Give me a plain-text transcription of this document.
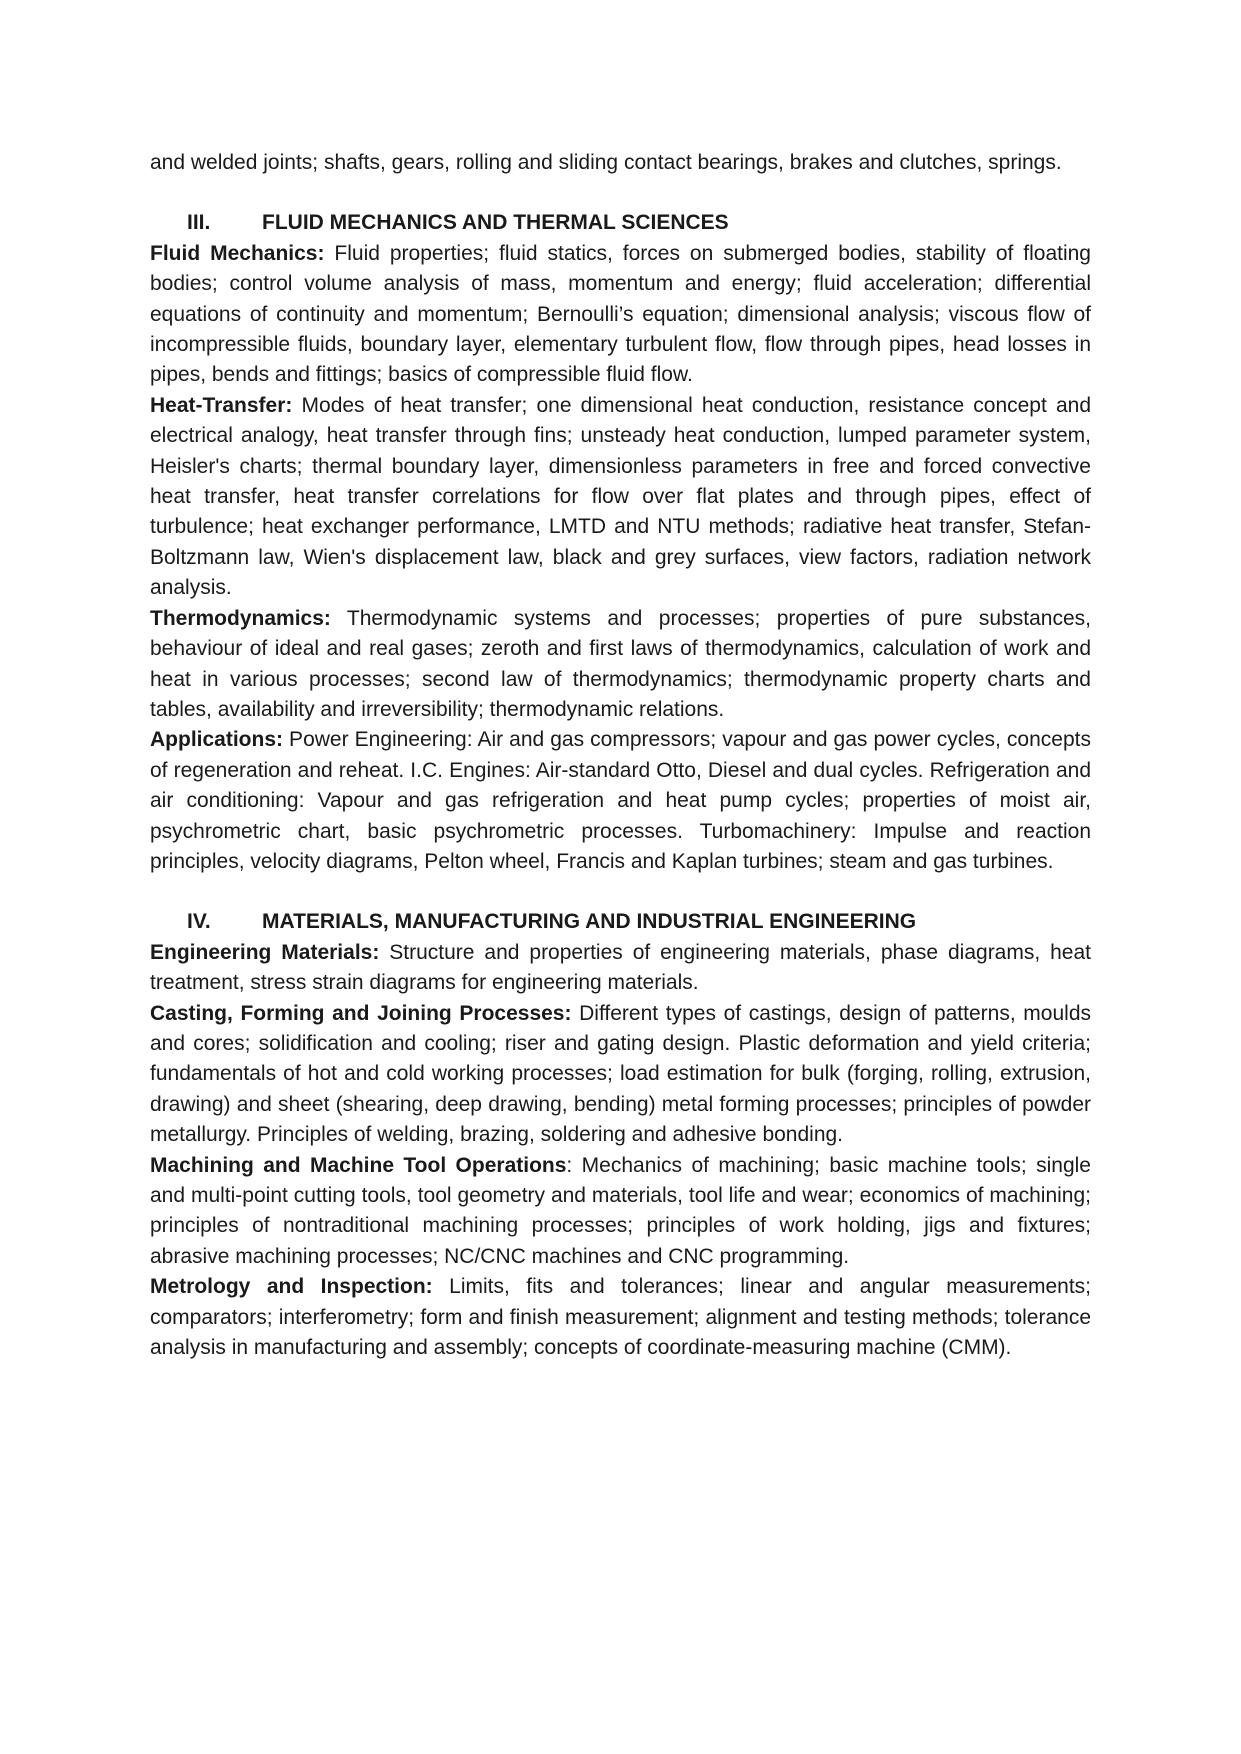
and welded joints; shafts, gears, rolling and sliding contact bearings, brakes and clutches, springs.

III.	FLUID MECHANICS AND THERMAL SCIENCES

Fluid Mechanics: Fluid properties; fluid statics, forces on submerged bodies, stability of floating bodies; control volume analysis of mass, momentum and energy; fluid acceleration; differential equations of continuity and momentum; Bernoulli’s equation; dimensional analysis; viscous flow of incompressible fluids, boundary layer, elementary turbulent flow, flow through pipes, head losses in pipes, bends and fittings; basics of compressible fluid flow.

Heat-Transfer: Modes of heat transfer; one dimensional heat conduction, resistance concept and electrical analogy, heat transfer through fins; unsteady heat conduction, lumped parameter system, Heisler's charts; thermal boundary layer, dimensionless parameters in free and forced convective heat transfer, heat transfer correlations for flow over flat plates and through pipes, effect of turbulence; heat exchanger performance, LMTD and NTU methods; radiative heat transfer, Stefan- Boltzmann law, Wien's displacement law, black and grey surfaces, view factors, radiation network analysis.

Thermodynamics: Thermodynamic systems and processes; properties of pure substances, behaviour of ideal and real gases; zeroth and first laws of thermodynamics, calculation of work and heat in various processes; second law of thermodynamics; thermodynamic property charts and tables, availability and irreversibility; thermodynamic relations.

Applications: Power Engineering: Air and gas compressors; vapour and gas power cycles, concepts of regeneration and reheat. I.C. Engines: Air-standard Otto, Diesel and dual cycles. Refrigeration and air conditioning: Vapour and gas refrigeration and heat pump cycles; properties of moist air, psychrometric chart, basic psychrometric processes. Turbomachinery: Impulse and reaction principles, velocity diagrams, Pelton wheel, Francis and Kaplan turbines; steam and gas turbines.

IV.	MATERIALS, MANUFACTURING AND INDUSTRIAL ENGINEERING

Engineering Materials: Structure and properties of engineering materials, phase diagrams, heat treatment, stress strain diagrams for engineering materials.

Casting, Forming and Joining Processes: Different types of castings, design of patterns, moulds and cores; solidification and cooling; riser and gating design. Plastic deformation and yield criteria; fundamentals of hot and cold working processes; load estimation for bulk (forging, rolling, extrusion, drawing) and sheet (shearing, deep drawing, bending) metal forming processes; principles of powder metallurgy. Principles of welding, brazing, soldering and adhesive bonding.

Machining and Machine Tool Operations: Mechanics of machining; basic machine tools; single and multi-point cutting tools, tool geometry and materials, tool life and wear; economics of machining; principles of nontraditional machining processes; principles of work holding, jigs and fixtures; abrasive machining processes; NC/CNC machines and CNC programming.

Metrology and Inspection: Limits, fits and tolerances; linear and angular measurements; comparators; interferometry; form and finish measurement; alignment and testing methods; tolerance analysis in manufacturing and assembly; concepts of coordinate-measuring machine (CMM).
